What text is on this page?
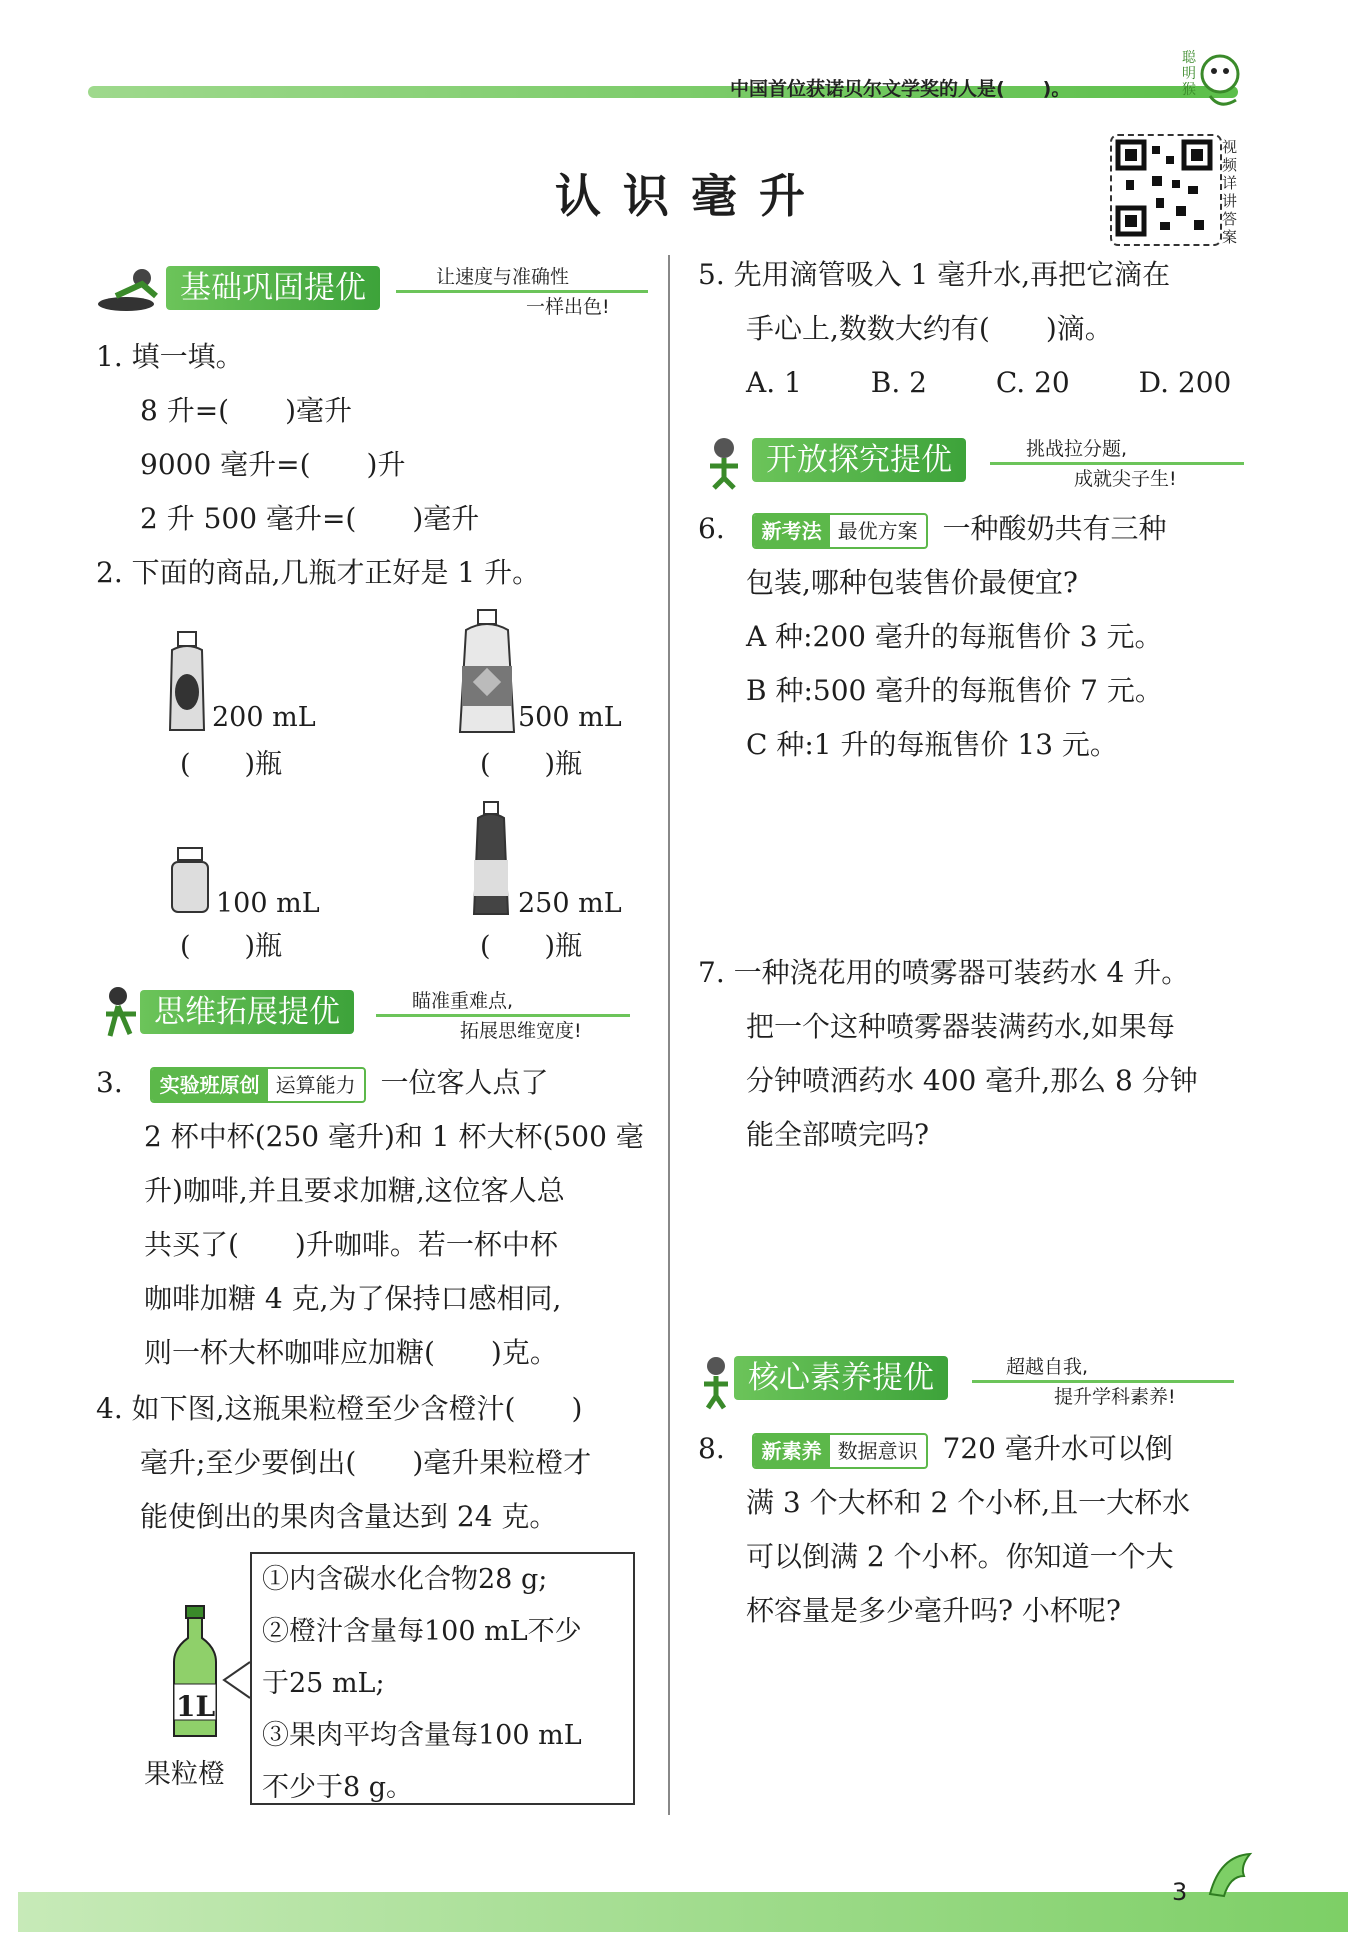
中国首位获诺贝尔文学奖的人是(　　)。
聪明猴
视频详讲答案
认识毫升
基础巩固提优	让速度与准确性
一样出色!
1. 填一填。
8 升=(　　)毫升
9000 毫升=(　　)升
2 升 500 毫升=(　　)毫升
2. 下面的商品,几瓶才正好是 1 升。
200 mL
(　　)瓶
500 mL
(　　)瓶
100 mL
(　　)瓶
250 mL
(　　)瓶
思维拓展提优	瞄准重难点,
拓展思维宽度!
3. 实验班原创 运算能力 一位客人点了
2 杯中杯(250 毫升)和 1 杯大杯(500 毫
升)咖啡,并且要求加糖,这位客人总
共买了(　　)升咖啡。若一杯中杯
咖啡加糖 4 克,为了保持口感相同,
则一杯大杯咖啡应加糖(　　)克。
4. 如下图,这瓶果粒橙至少含橙汁(　　)
毫升;至少要倒出(　　)毫升果粒橙才
能使倒出的果肉含量达到 24 克。
1L
果粒橙
①内含碳水化合物28 g;
②橙汁含量每100 mL不少
于25 mL;
③果肉平均含量每100 mL
不少于8 g。
5. 先用滴管吸入 1 毫升水,再把它滴在
手心上,数数大约有(　　)滴。
A. 1 B. 2 C. 20 D. 200
开放探究提优	挑战拉分题,
成就尖子生!
6. 新考法 最优方案 一种酸奶共有三种
包装,哪种包装售价最便宜?
A 种:200 毫升的每瓶售价 3 元。
B 种:500 毫升的每瓶售价 7 元。
C 种:1 升的每瓶售价 13 元。
7. 一种浇花用的喷雾器可装药水 4 升。
把一个这种喷雾器装满药水,如果每
分钟喷洒药水 400 毫升,那么 8 分钟
能全部喷完吗?
核心素养提优	超越自我,
提升学科素养!
8. 新素养 数据意识 720 毫升水可以倒
满 3 个大杯和 2 个小杯,且一大杯水
可以倒满 2 个小杯。你知道一个大
杯容量是多少毫升吗? 小杯呢?
3
